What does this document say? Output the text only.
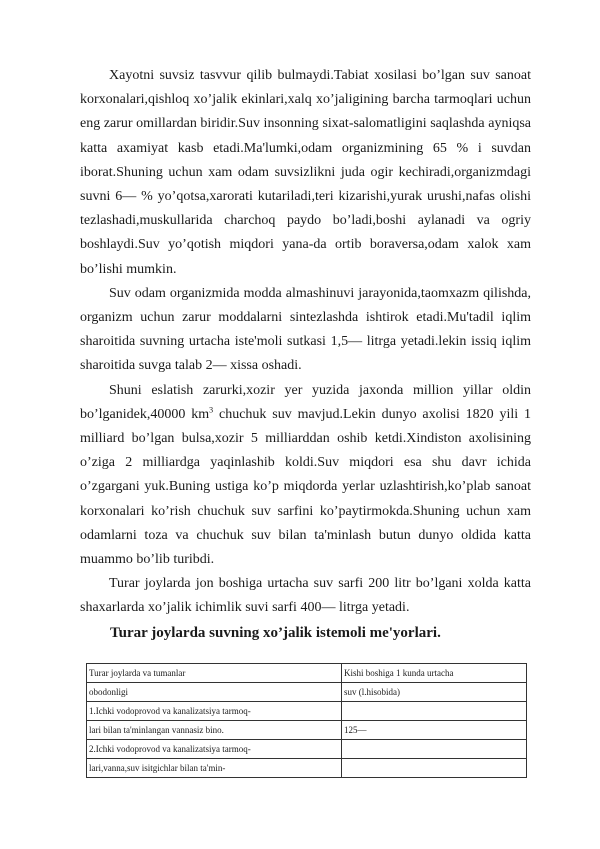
Xayotni suvsiz tasvvur qilib bulmaydi.Tabiat xosilasi bo’lgan suv sanoat korxonalari,qishloq xo’jalik ekinlari,xalq xo’jaligining barcha tarmoqlari uchun eng zarur omillardan biridir.Suv insonning sixat-salomatligini saqlashda ayniqsa katta axamiyat kasb etadi.Ma'lumki,odam organizmining 65 % i suvdan iborat.Shuning uchun xam odam suvsizlikni juda ogir kechiradi,organizmdagi suvni 6— % yo’qotsa,xarorati kutariladi,teri kizarishi,yurak urushi,nafas olishi tezlashadi,muskullarida charchoq paydo bo’ladi,boshi aylanadi va ogriy boshlaydi.Suv yo’qotish miqdori yana-da ortib boraversa,odam xalok xam bo’lishi mumkin.

Suv odam organizmida modda almashinuvi jarayonida,taomxazm qilishda, organizm uchun zarur moddalarni sintezlashda ishtirok etadi.Mu'tadil iqlim sharoitida suvning urtacha iste'moli sutkasi 1,5— litrga yetadi.lekin issiq iqlim sharoitida suvga talab 2— xissa oshadi.

Shuni eslatish zarurki,xozir yer yuzida jaxonda million yillar oldin bo’lganidek,40000 $km^3$ chuchuk suv mavjud.Lekin dunyo axolisi 1820 yili 1 milliard bo’lgan bulsa,xozir 5 milliarddan oshib ketdi.Xindiston axolisining o’ziga 2 milliardga yaqinlashib koldi.Suv miqdori esa shu davr ichida o’zgargani yuk.Buning ustiga ko’p miqdorda yerlar uzlashtirish,ko’plab sanoat korxonalari ko’rish chuchuk suv sarfini ko’paytirmokda.Shuning uchun xam odamlarni toza va chuchuk suv bilan ta'minlash butun dunyo oldida katta muammo bo’lib turibdi.

Turar joylarda jon boshiga urtacha suv sarfi 200 litr bo’lgani xolda katta shaxarlarda xo’jalik ichimlik suvi sarfi 400— litrga yetadi.

Turar joylarda suvning xo’jalik istemoli me'yorlari.
Turar joylarda va tumanlar	Kishi boshiga 1 kunda urtacha
obodonligi	suv (l.hisobida)
1.Ichki vodoprovod va kanalizatsiya tarmoq-	
lari bilan ta'minlangan vannasiz bino.	125—
2.Ichki vodoprovod va kanalizatsiya tarmoq-	
lari,vanna,suv isitgichlar bilan ta'min-	
